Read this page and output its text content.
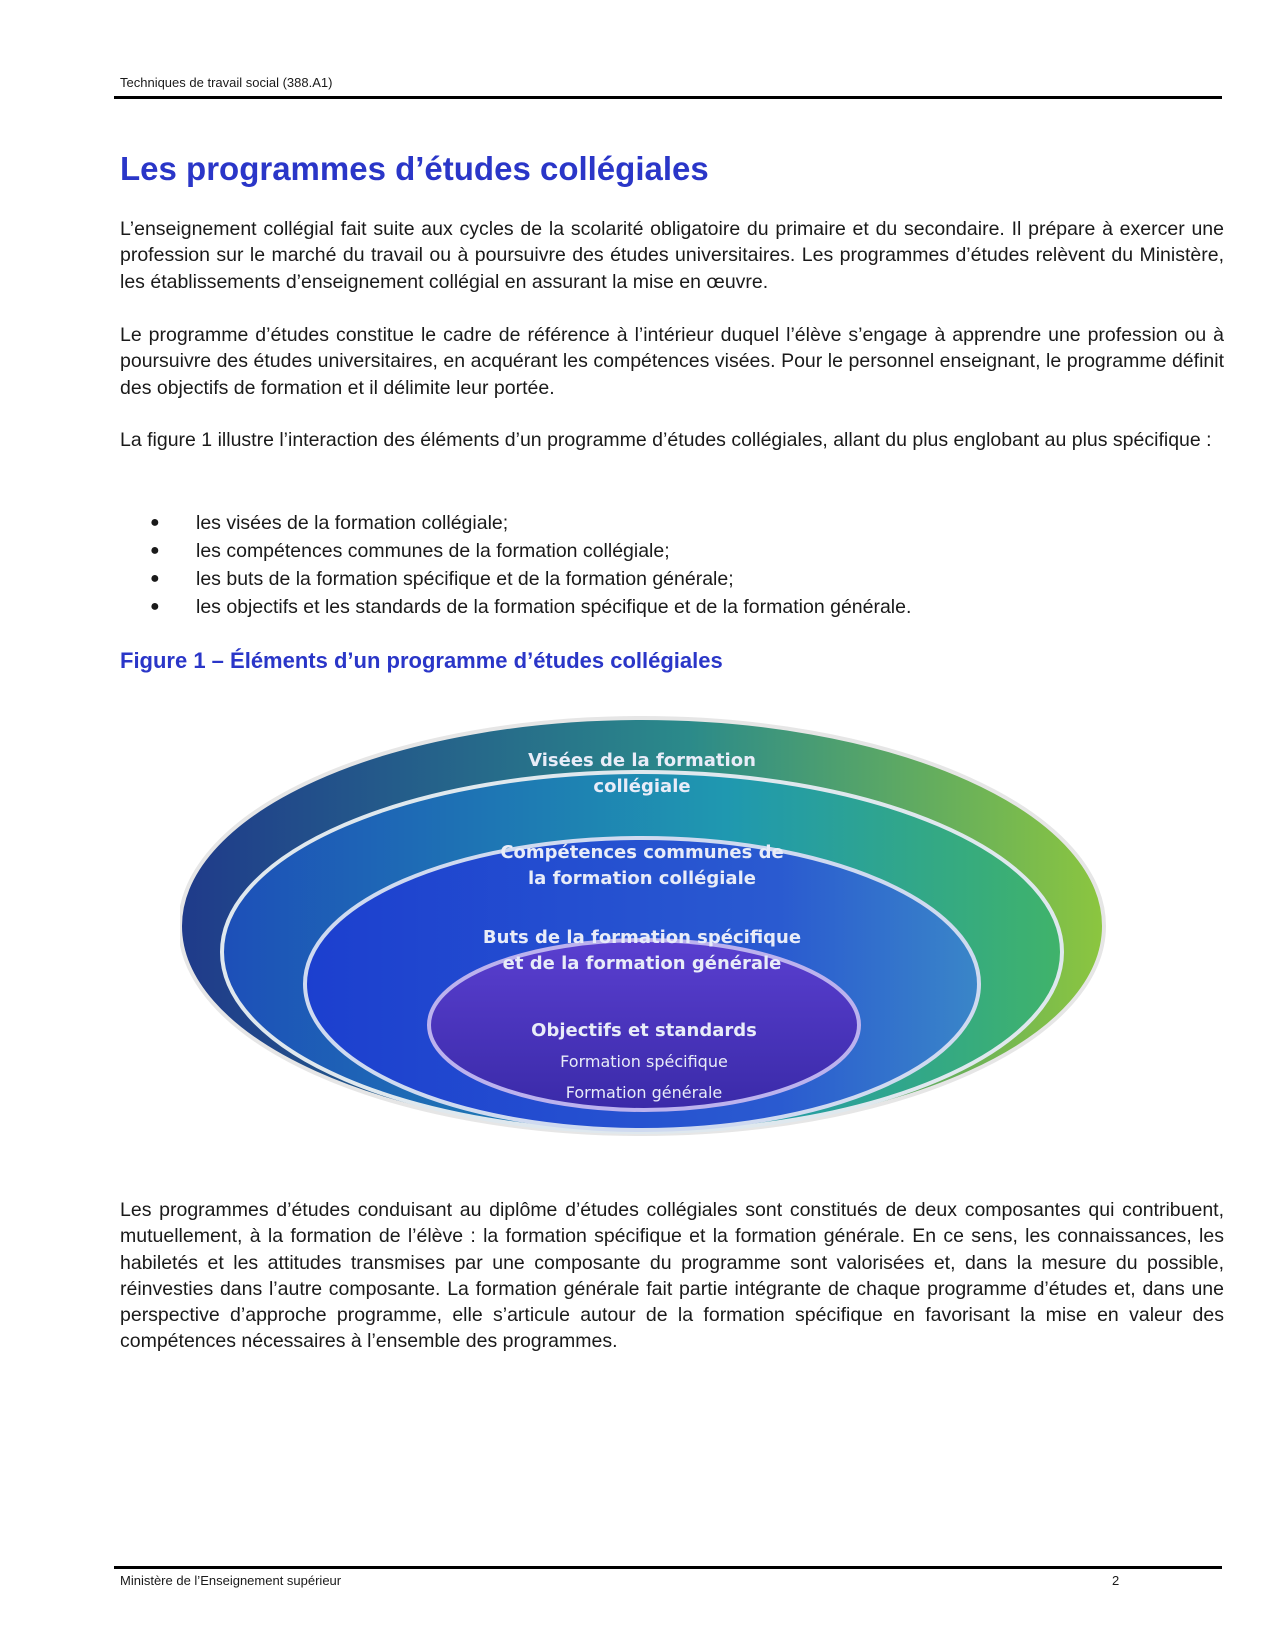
Techniques de travail social (388.A1)
Les programmes d’études collégiales

L’enseignement collégial fait suite aux cycles de la scolarité obligatoire du primaire et du secondaire. Il prépare à exercer une profession sur le marché du travail ou à poursuivre des études universitaires. Les programmes d’études relèvent du Ministère, les établissements d’enseignement collégial en assurant la mise en œuvre.

Le programme d’études constitue le cadre de référence à l’intérieur duquel l’élève s’engage à apprendre une profession ou à poursuivre des études universitaires, en acquérant les compétences visées. Pour le personnel enseignant, le programme définit des objectifs de formation et il délimite leur portée.

La figure 1 illustre l’interaction des éléments d’un programme d’études collégiales, allant du plus englobant au plus spécifique :

●	les visées de la formation collégiale;
●	les compétences communes de la formation collégiale;
●	les buts de la formation spécifique et de la formation générale;
●	les objectifs et les standards de la formation spécifique et de la formation générale.
Figure 1 – Éléments d’un programme d’études collégiales
Visées de la formation
collégiale
Compétences communes de
la formation collégiale
Buts de la formation spécifique
et de la formation générale
Objectifs et standards
Formation spécifique
Formation générale

Les programmes d’études conduisant au diplôme d’études collégiales sont constitués de deux composantes qui contribuent, mutuellement, à la formation de l’élève : la formation spécifique et la formation générale. En ce sens, les connaissances, les habiletés et les attitudes transmises par une composante du programme sont valorisées et, dans la mesure du possible, réinvesties dans l’autre composante. La formation générale fait partie intégrante de chaque programme d’études et, dans une perspective d’approche programme, elle s’articule autour de la formation spécifique en favorisant la mise en valeur des compétences nécessaires à l’ensemble des programmes.

Ministère de l’Enseignement supérieur	2
